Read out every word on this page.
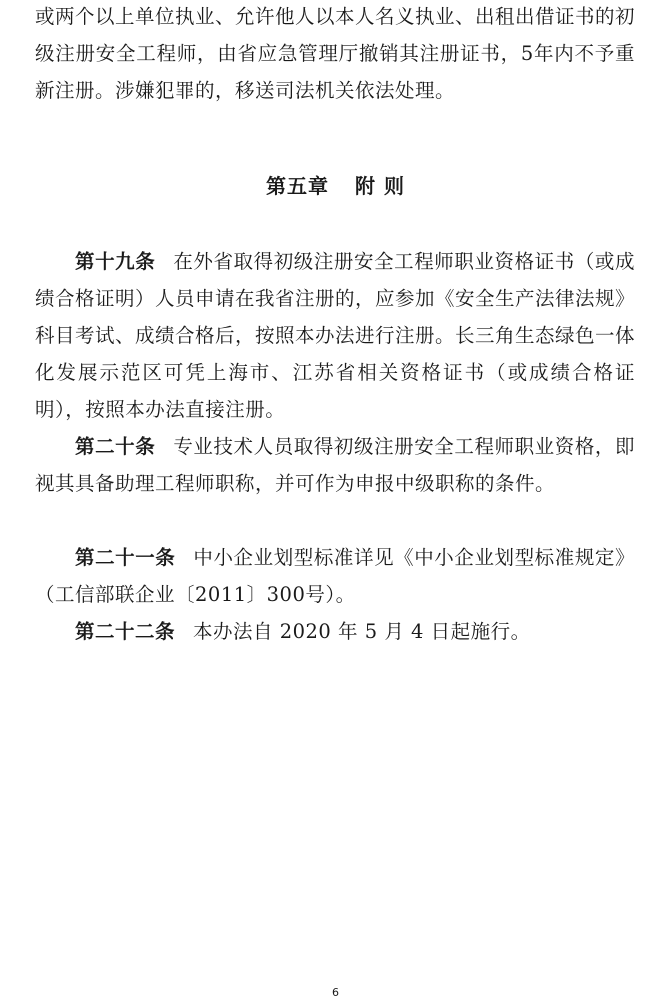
或两个以上单位执业、允许他人以本人名义执业、出租出借证书的初级注册安全工程师，由省应急管理厅撤销其注册证书，5年内不予重新注册。涉嫌犯罪的，移送司法机关依法处理。

第五章 附 则

第十九条 在外省取得初级注册安全工程师职业资格证书（或成绩合格证明）人员申请在我省注册的，应参加《安全生产法律法规》科目考试、成绩合格后，按照本办法进行注册。长三角生态绿色一体化发展示范区可凭上海市、江苏省相关资格证书（或成绩合格证明），按照本办法直接注册。

第二十条 专业技术人员取得初级注册安全工程师职业资格，即视其具备助理工程师职称，并可作为申报中级职称的条件。

第二十一条 中小企业划型标准详见《中小企业划型标准规定》（工信部联企业〔2011〕300号）。

第二十二条 本办法自 2020 年 5 月 4 日起施行。

6
